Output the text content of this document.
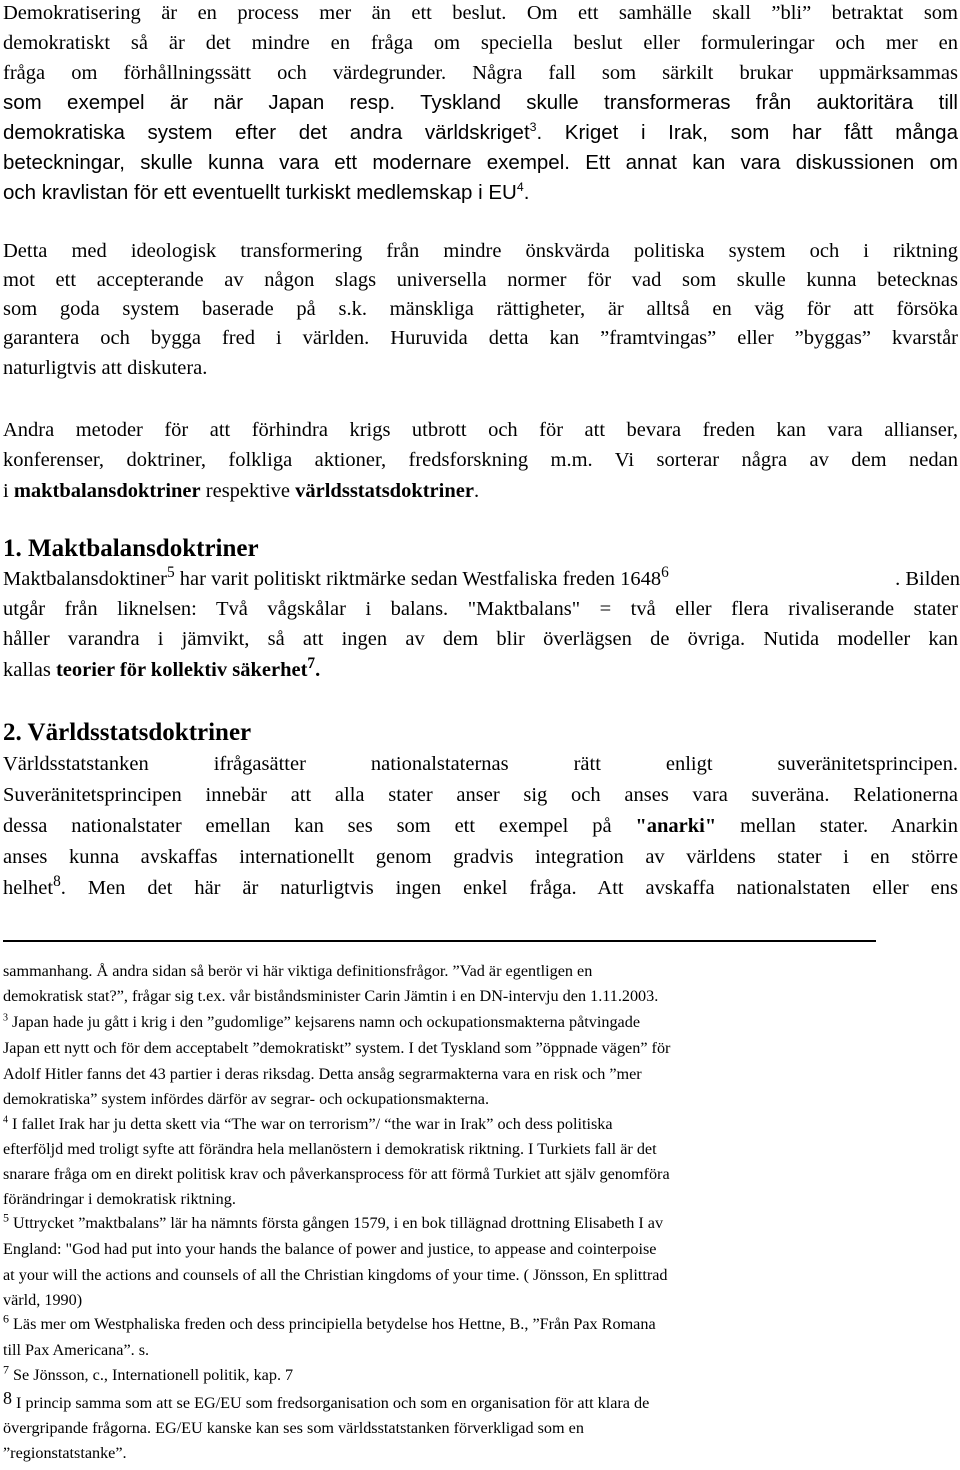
Demokratisering är en process mer än ett beslut. Om ett samhälle skall ”bli” betraktat som
demokratiskt så är det mindre en fråga om speciella beslut eller formuleringar och mer en
fråga om förhållningssätt och värdegrunder. Några fall som särkilt brukar uppmärksammas
som exempel är när Japan resp. Tyskland skulle transformeras från auktoritära till
demokratiska system efter det andra världskriget$^3$. Kriget i Irak, som har fått många
beteckningar, skulle kunna vara ett modernare exempel. Ett annat kan vara diskussionen om
och kravlistan för ett eventuellt turkiskt medlemskap i $EU^4$.
Detta med ideologisk transformering från mindre önskvärda politiska system och i riktning
mot ett accepterande av någon slags universella normer för vad som skulle kunna betecknas
som goda system baserade på s.k. mänskliga rättigheter, är alltså en väg för att försöka
garantera och bygga fred i världen. Huruvida detta kan ”framtvingas” eller ”byggas” kvarstår
naturligtvis att diskutera.
Andra metoder för att förhindra krigs utbrott och för att bevara freden kan vara allianser,
konferenser, doktriner, folkliga aktioner, fredsforskning m.m. Vi sorterar några av dem nedan
i maktbalansdoktriner respektive världsstatsdoktriner.
1. Maktbalansdoktriner
Maktbalansdoktiner$^5$ har varit politiskt riktmärke sedan Westfaliska freden 1648$^6$	. Bilden
utgår från liknelsen: Två vågskålar i balans. "Maktbalans" = två eller flera rivaliserande stater
håller varandra i jämvikt, så att ingen av dem blir överlägsen de övriga. Nutida modeller kan
kallas teorier för kollektiv säkerhet$^7$.
2. Världsstatsdoktriner
Världsstatstanken ifrågasätter nationalstaternas rätt enligt suveränitetsprincipen.
Suveränitetsprincipen innebär att alla stater anser sig och anses vara suveräna. Relationerna
dessa nationalstater emellan kan ses som ett exempel på "anarki" mellan stater. Anarkin
anses kunna avskaffas internationellt genom gradvis integration av världens stater i en större
helhet$^8$. Men det här är naturligtvis ingen enkel fråga. Att avskaffa nationalstaten eller ens
sammanhang. Å andra sidan så berör vi här viktiga definitionsfrågor. ”Vad är egentligen en
demokratisk stat?”, frågar sig t.ex. vår biståndsminister Carin Jämtin i en DN-intervju den 1.11.2003.
$^3$ Japan hade ju gått i krig i den ”gudomlige” kejsarens namn och ockupationsmakterna påtvingade
Japan ett nytt och för dem acceptabelt ”demokratiskt” system. I det Tyskland som ”öppnade vägen” för
Adolf Hitler fanns det 43 partier i deras riksdag. Detta ansåg segrarmakterna vara en risk och ”mer
demokratiska” system infördes därför av segrar- och ockupationsmakterna.
$^4$ I fallet Irak har ju detta skett via “The war on terrorism”/ “the war in Irak” och dess politiska
efterföljd med troligt syfte att förändra hela mellanöstern i demokratisk riktning. I Turkiets fall är det
snarare fråga om en direkt politisk krav och påverkansprocess för att förmå Turkiet att själv genomföra
förändringar i demokratisk riktning.
$^5$ Uttrycket ”maktbalans” lär ha nämnts första gången 1579, i en bok tillägnad drottning Elisabeth I av
England: "God had put into your hands the balance of power and justice, to appease and cointerpoise
at your will the actions and counsels of all the Christian kingdoms of your time. ( Jönsson, En splittrad
värld, 1990)
$^6$ Läs mer om Westphaliska freden och dess principiella betydelse hos Hettne, B., ”Från Pax Romana
till Pax Americana”. s.
$^7$ Se Jönsson, c., Internationell politik, kap. 7
8 I princip samma som att se EG/EU som fredsorganisation och som en organisation för att klara de
övergripande frågorna. EG/EU kanske kan ses som världsstatstanken förverkligad som en
”regionstatstanke”.
